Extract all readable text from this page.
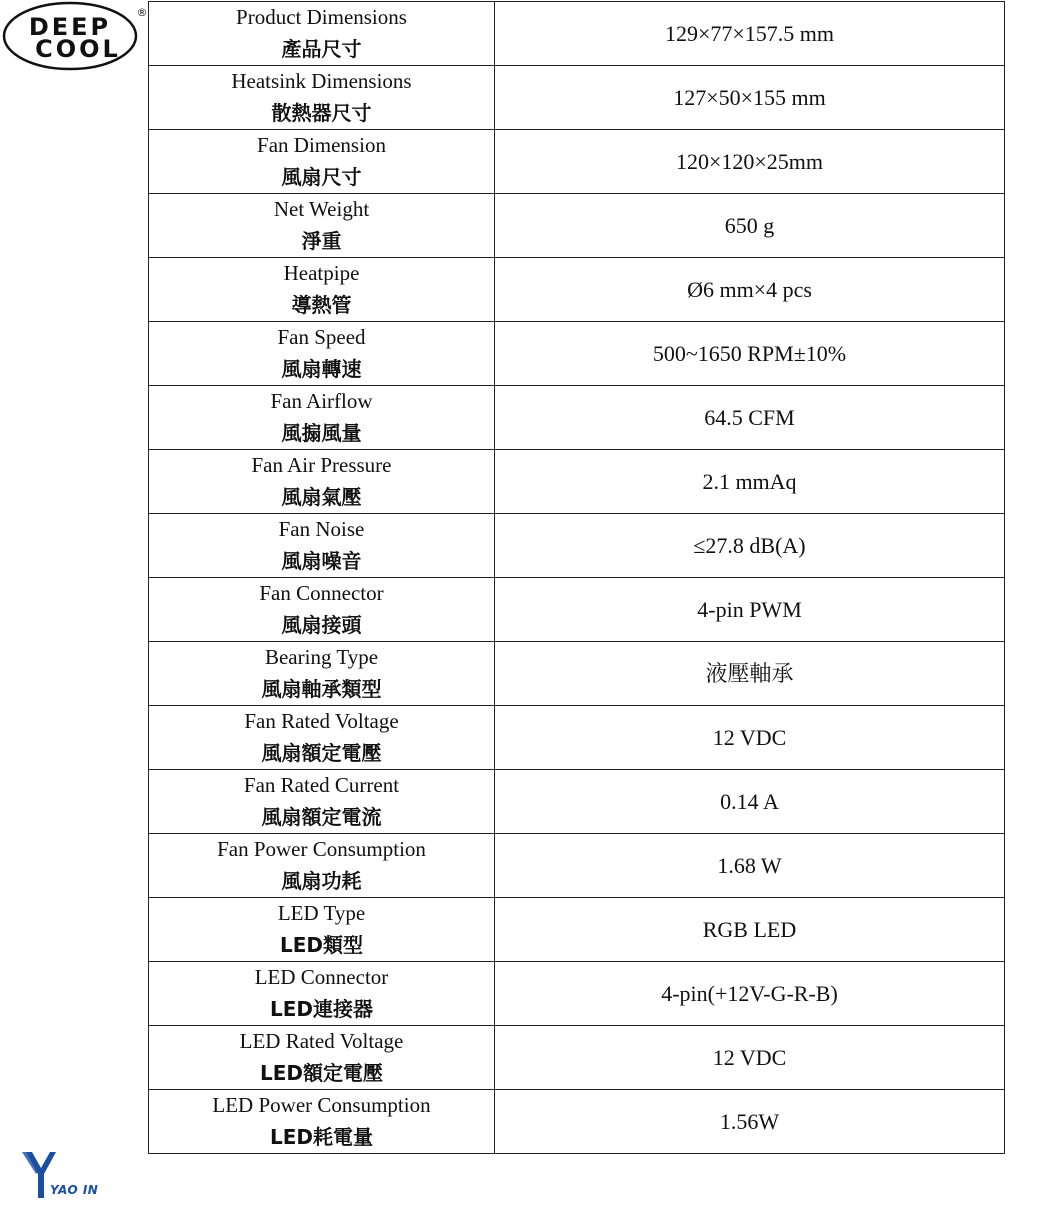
DEEP
COOL
®
YAO IN
Product Dimensions
產品尺寸	129×77×157.5 mm

Heatsink Dimensions
散熱器尺寸	127×50×155 mm

Fan Dimension
風扇尺寸	120×120×25mm

Net Weight
淨重	650 g

Heatpipe
導熱管	Ø6 mm×4 pcs

Fan Speed
風扇轉速	500~1650 RPM±10%

Fan Airflow
風搧風量	64.5 CFM

Fan Air Pressure
風扇氣壓	2.1 mmAq

Fan Noise
風扇噪音	≤27.8 dB(A)

Fan Connector
風扇接頭	4-pin PWM

Bearing Type
風扇軸承類型	液壓軸承

Fan Rated Voltage
風扇額定電壓	12 VDC

Fan Rated Current
風扇額定電流	0.14 A

Fan Power Consumption
風扇功耗	1.68 W

LED Type
LED類型	RGB LED

LED Connector
LED連接器	4-pin(+12V-G-R-B)

LED Rated Voltage
LED額定電壓	12 VDC

LED Power Consumption
LED耗電量	1.56W
